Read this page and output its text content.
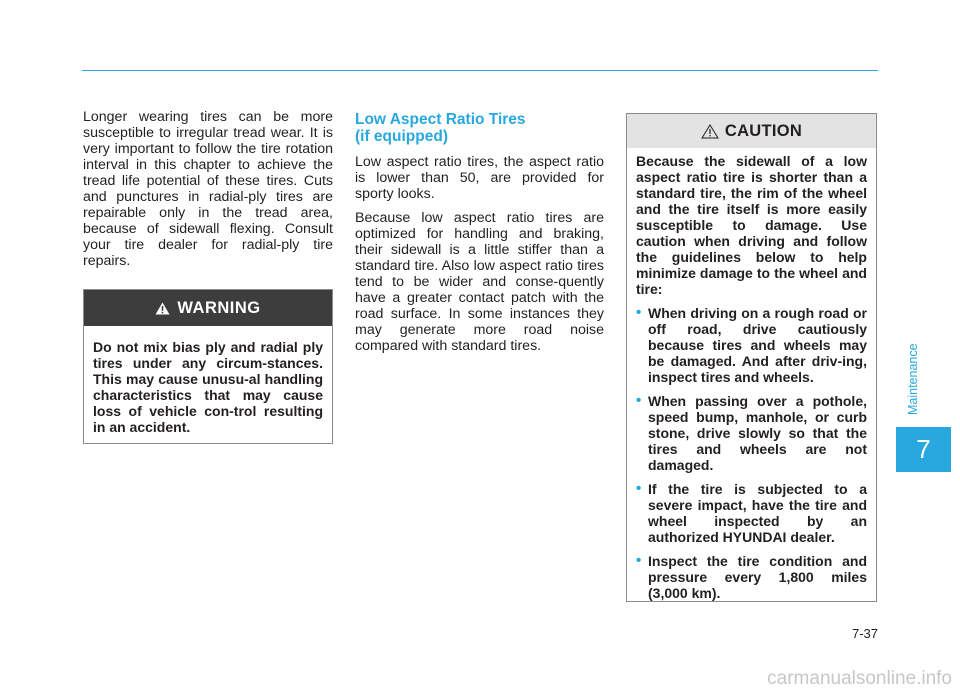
Longer wearing tires can be more susceptible to irregular tread wear. It is very important to follow the tire rotation interval in this chapter to achieve the tread life potential of these tires. Cuts and punctures in radial-ply tires are repairable only in the tread area, because of sidewall flexing. Consult your tire dealer for radial-ply tire repairs.

WARNING
Do not mix bias ply and radial ply tires under any circum-stances. This may cause unusu-al handling characteristics that may cause loss of vehicle con-trol resulting in an accident.
Low Aspect Ratio Tires
(if equipped)

Low aspect ratio tires, the aspect ratio is lower than 50, are provided for sporty looks.

Because low aspect ratio tires are optimized for handling and braking, their sidewall is a little stiffer than a standard tire. Also low aspect ratio tires tend to be wider and conse-quently have a greater contact patch with the road surface. In some instances they may generate more road noise compared with standard tires.

CAUTION
Because the sidewall of a low aspect ratio tire is shorter than a standard tire, the rim of the wheel and the tire itself is more easily susceptible to damage. Use caution when driving and follow the guidelines below to help minimize damage to the wheel and tire:
• When driving on a rough road or off road, drive cautiously because tires and wheels may be damaged. And after driv-ing, inspect tires and wheels.
• When passing over a pothole, speed bump, manhole, or curb stone, drive slowly so that the tires and wheels are not damaged.
• If the tire is subjected to a severe impact, have the tire and wheel inspected by an authorized HYUNDAI dealer.
• Inspect the tire condition and pressure every 1,800 miles (3,000 km).
Maintenance
7
7-37
carmanualsonline.info
